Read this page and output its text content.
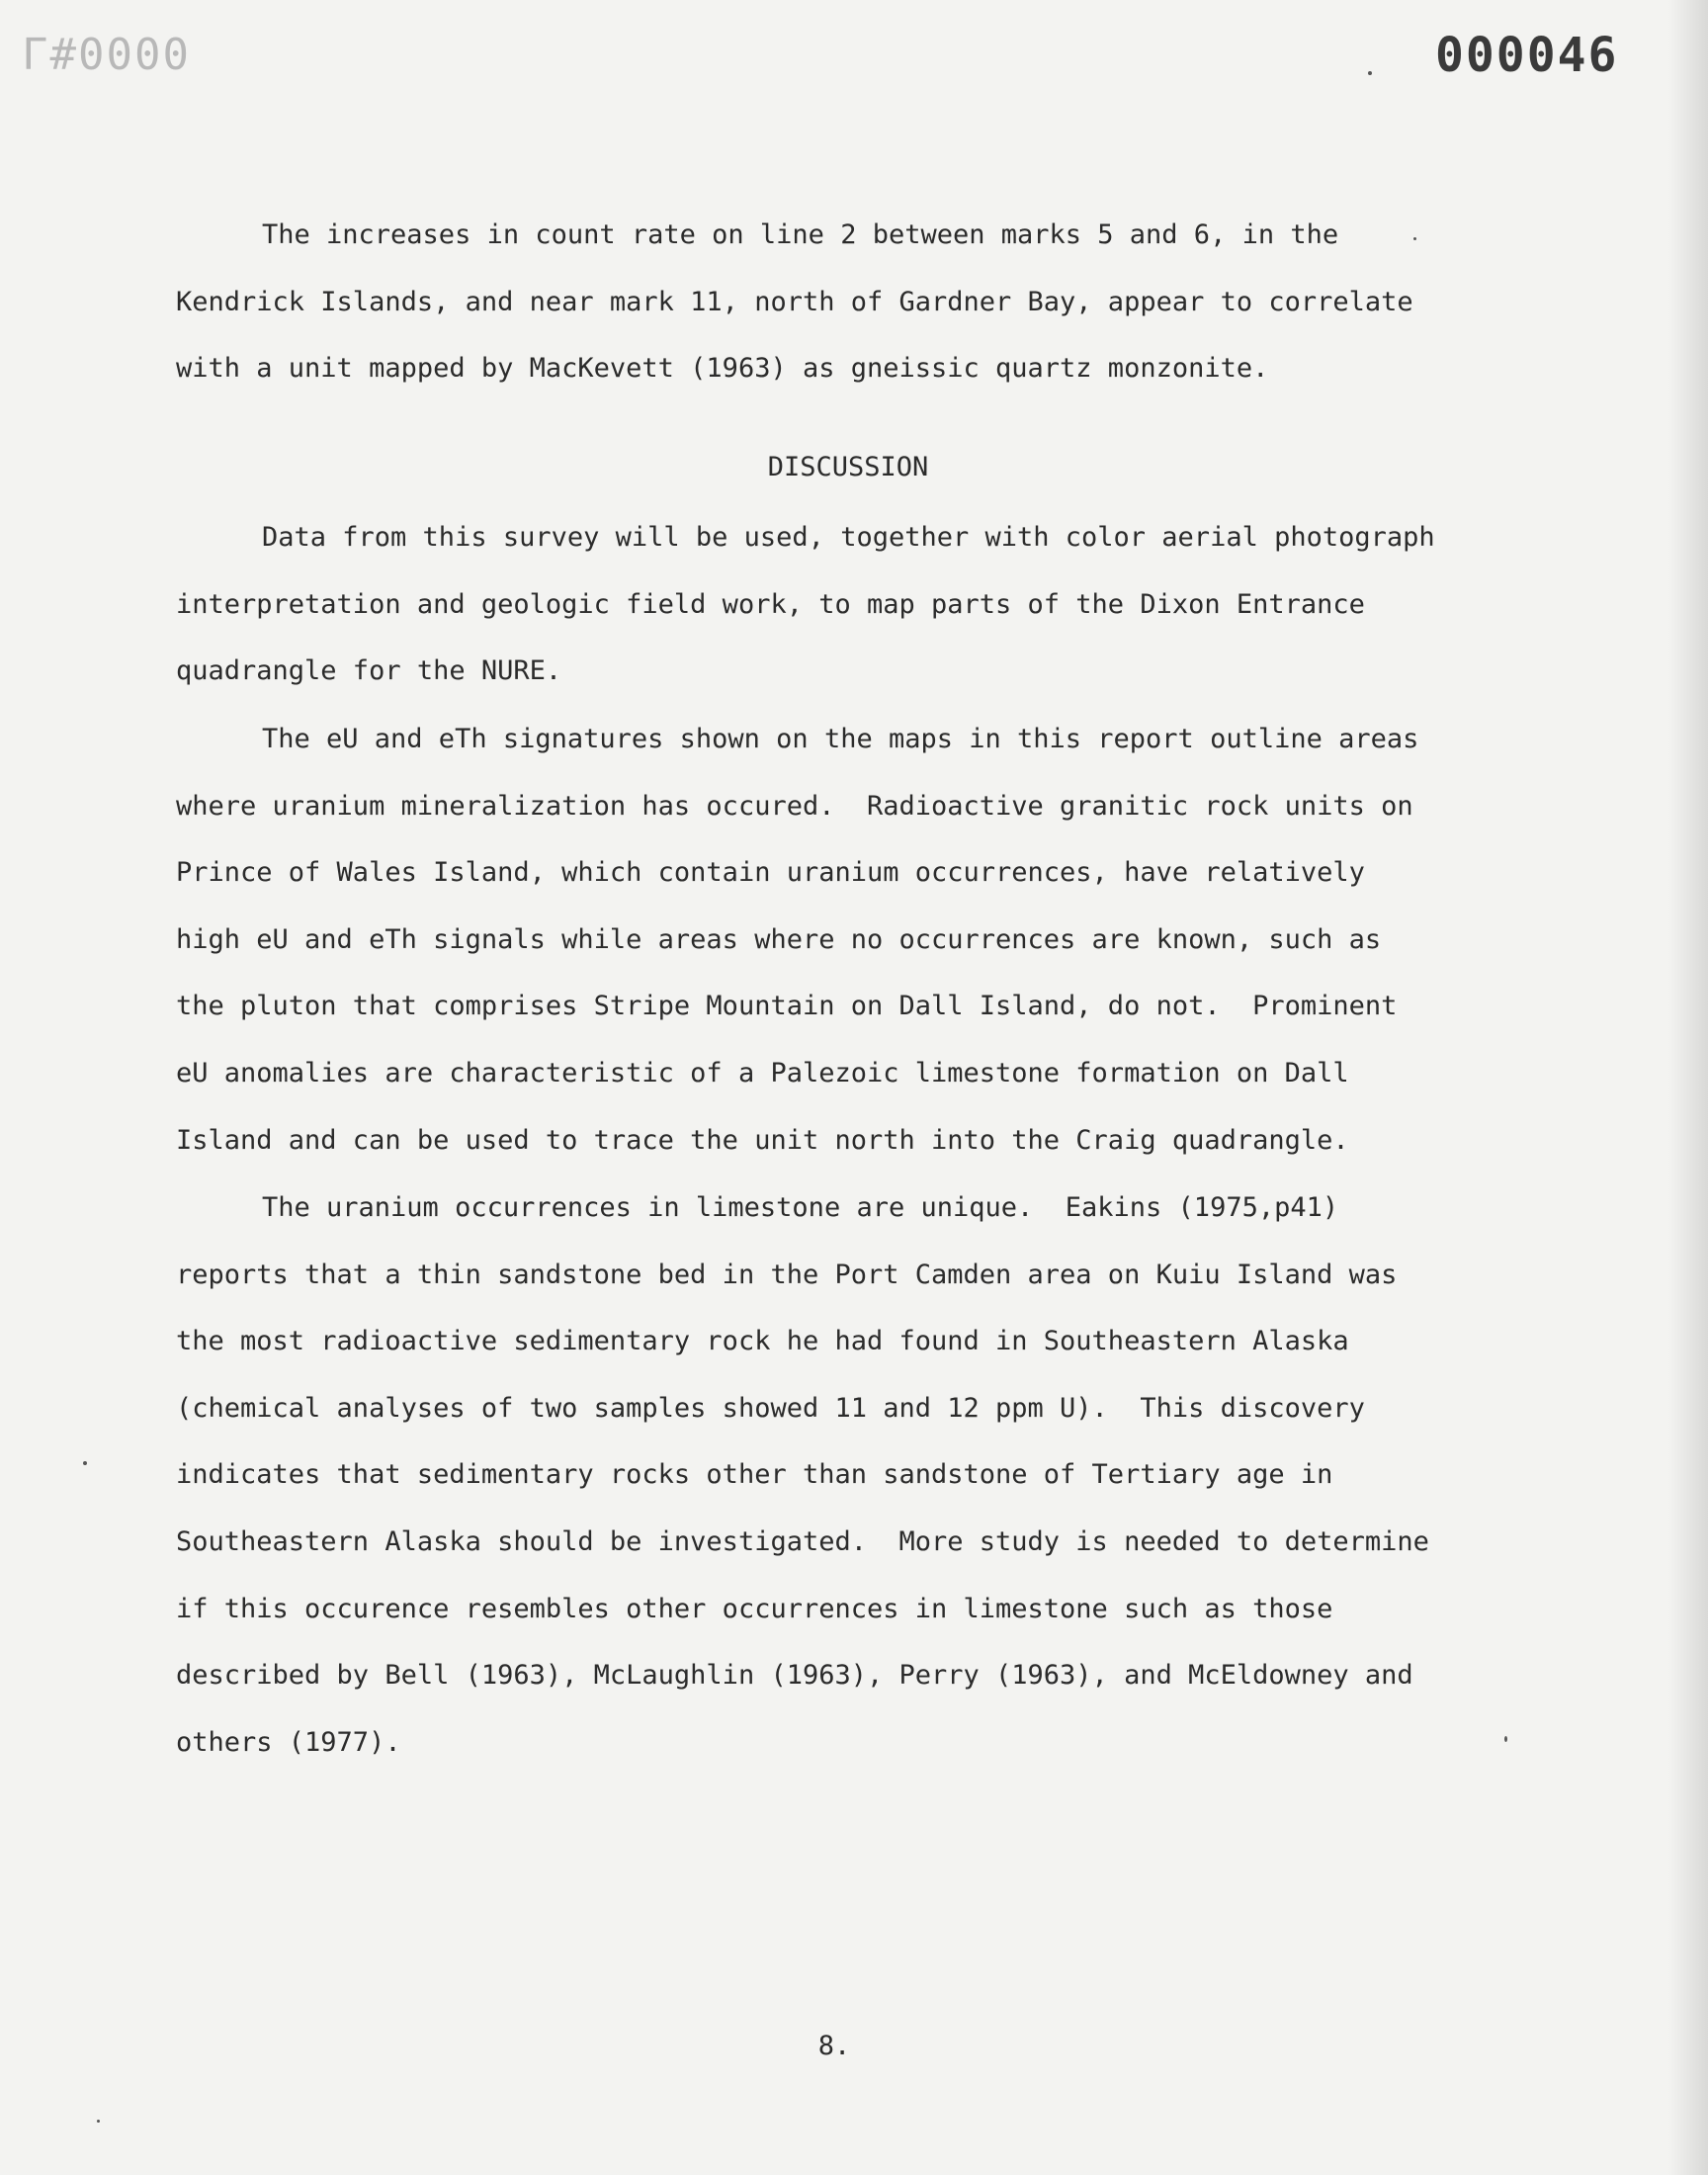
Г#0000	000046

The increases in count rate on line 2 between marks 5 and 6, in the

Kendrick Islands, and near mark 11, north of Gardner Bay, appear to correlate

with a unit mapped by MacKevett (1963) as gneissic quartz monzonite.

DISCUSSION

Data from this survey will be used, together with color aerial photograph

interpretation and geologic field work, to map parts of the Dixon Entrance

quadrangle for the NURE.

The eU and eTh signatures shown on the maps in this report outline areas

where uranium mineralization has occured.  Radioactive granitic rock units on

Prince of Wales Island, which contain uranium occurrences, have relatively

high eU and eTh signals while areas where no occurrences are known, such as

the pluton that comprises Stripe Mountain on Dall Island, do not.  Prominent

eU anomalies are characteristic of a Palezoic limestone formation on Dall

Island and can be used to trace the unit north into the Craig quadrangle.

The uranium occurrences in limestone are unique.  Eakins (1975,p41)

reports that a thin sandstone bed in the Port Camden area on Kuiu Island was

the most radioactive sedimentary rock he had found in Southeastern Alaska

(chemical analyses of two samples showed 11 and 12 ppm U).  This discovery

indicates that sedimentary rocks other than sandstone of Tertiary age in

Southeastern Alaska should be investigated.  More study is needed to determine

if this occurence resembles other occurrences in limestone such as those

described by Bell (1963), McLaughlin (1963), Perry (1963), and McEldowney and

others (1977).

8.
